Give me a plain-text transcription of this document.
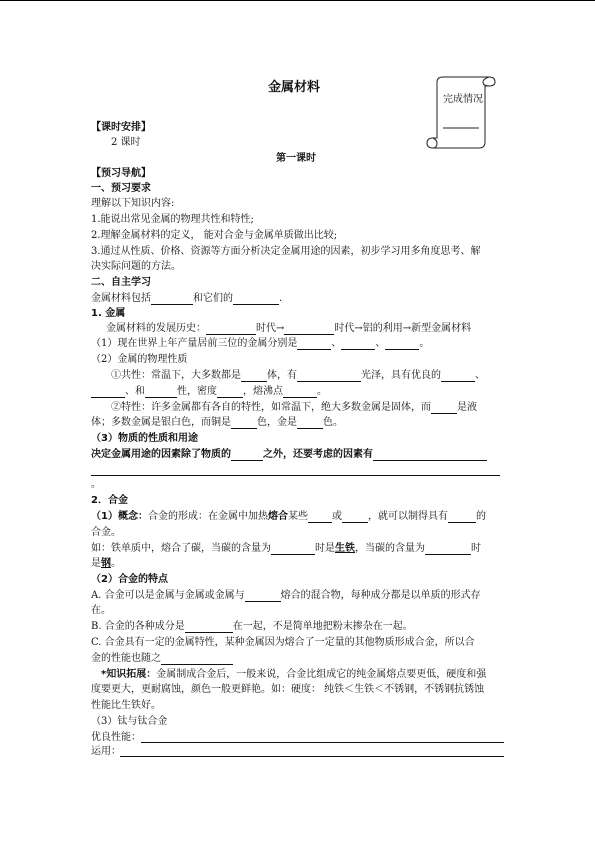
金属材料
完成情况
【课时安排】
2 课时
第一课时
【预习导航】
一、预习要求
理解以下知识内容:
1.能说出常见金属的物理共性和特性;
2.理解金属材料的定义， 能对合金与金属单质做出比较;
3.通过从性质、价格、资源等方面分析决定金属用途的因素，初步学习用多角度思考、解
决实际问题的方法。
二、自主学习
金属材料包括	和它们的	.
1. 金属
金属材料的发展历史：	时代→	时代→铝的利用→新型金属材料
（1）现在世界上年产量居前三位的金属分别是	、	、	。
（2）金属的物理性质
①共性：常温下，大多数都是	体，有	光泽，具有优良的	、
、和	性，密度	，熔沸点	。
②特性：许多金属都有各自的特性，如常温下，绝大多数金属是固体，而	是液
体；多数金属是银白色，而铜是	色，金是	色。
（3）物质的性质和用途
决定金属用途的因素除了物质的	之外，还要考虑的因素有
。
2．合金
（1）概念：合金的形成：在金属中加热熔合某些 或	，就可以制得具有	的
合金。
如：铁单质中，熔合了碳，当碳的含量为	时是生铁，当碳的含量为	时
是钢。
（2）合金的特点
A. 合金可以是金属与金属或金属与	熔合的混合物，每种成分都是以单质的形式存
在。
B. 合金的各种成分是	在一起，不是简单地把粉末掺杂在一起。
C. 合金具有一定的金属特性，某种金属因为熔合了一定量的其他物质形成合金，所以合
金的性能也随之
*知识拓展：金属制成合金后，一般来说，合金比组成它的纯金属熔点要更低，硬度和强
度要更大，更耐腐蚀，颜色一般更鲜艳。如：硬度： 纯铁＜生铁＜不锈钢，不锈钢抗锈蚀
性能比生铁好。
（3）钛与钛合金
优良性能：
运用：
